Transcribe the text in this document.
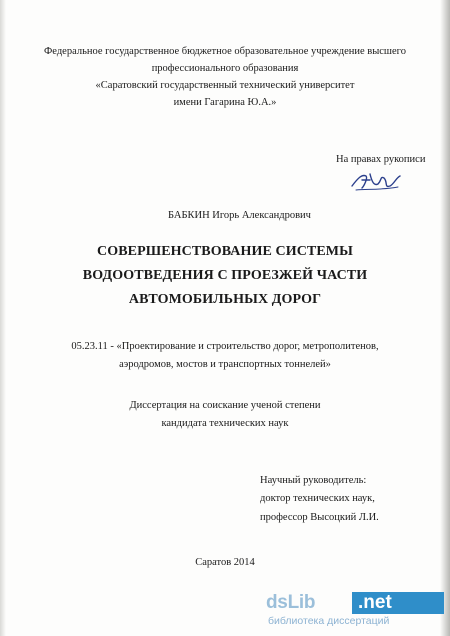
Федеральное государственное бюджетное образовательное учреждение высшего
профессионального образования
«Саратовский государственный технический университет
имени Гагарина Ю.А.»
На правах рукописи
БАБКИН Игорь Александрович
СОВЕРШЕНСТВОВАНИЕ СИСТЕМЫ
ВОДООТВЕДЕНИЯ С ПРОЕЗЖЕЙ ЧАСТИ
АВТОМОБИЛЬНЫХ ДОРОГ
05.23.11 - «Проектирование и строительство дорог, метрополитенов,
аэродромов, мостов и транспортных тоннелей»
Диссертация на соискание ученой степени
кандидата технических наук
Научный руководитель:
доктор технических наук,
профессор Высоцкий Л.И.
Саратов 2014
dsLib .net
библиотека диссертаций
